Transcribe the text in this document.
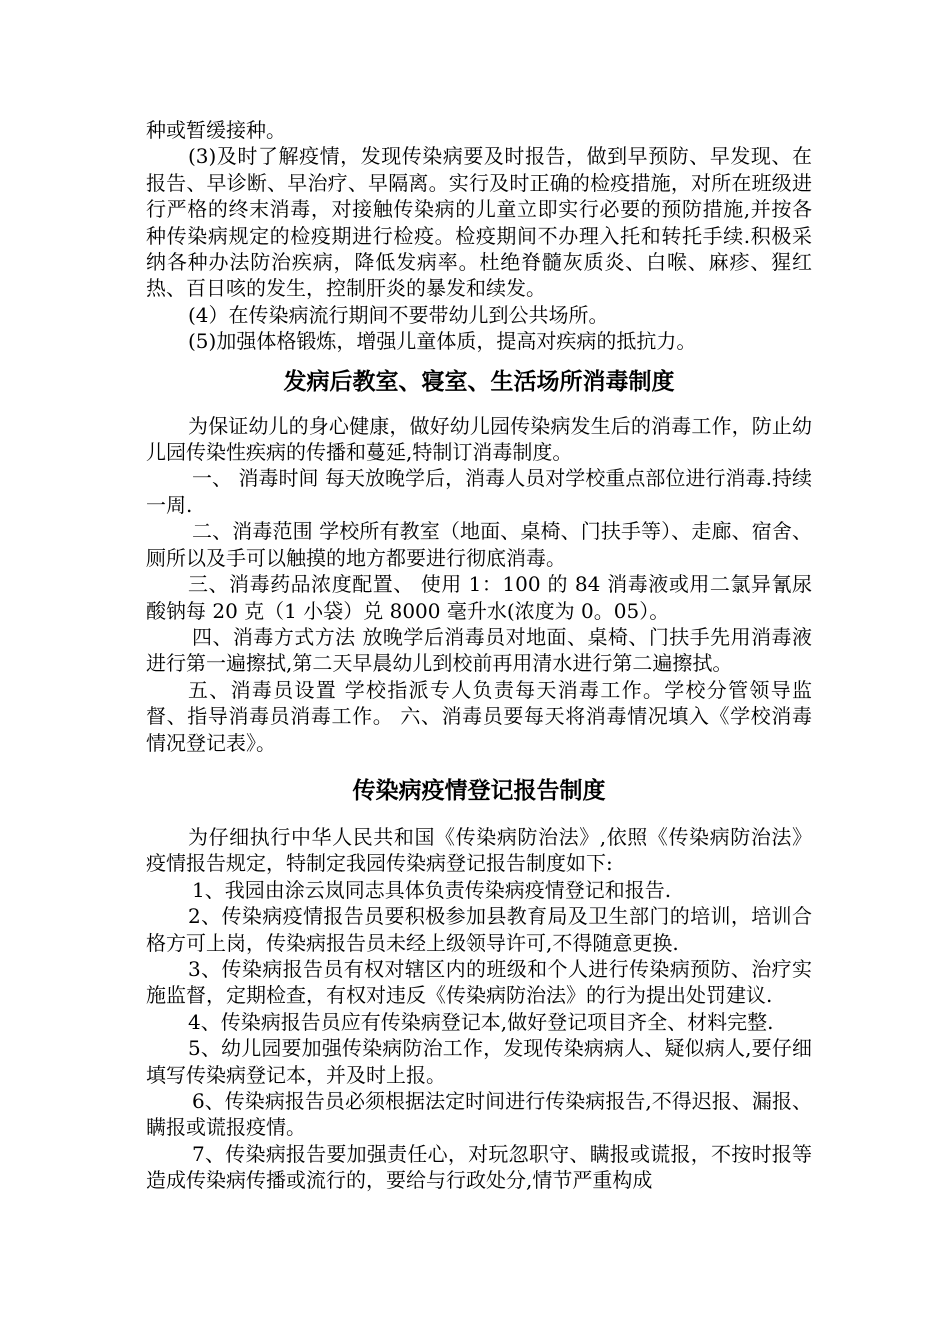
种或暂缓接种。

(3)及时了解疫情，发现传染病要及时报告，做到早预防、早发现、在报告、早诊断、早治疗、早隔离。实行及时正确的检疫措施，对所在班级进行严格的终末消毒，对接触传染病的儿童立即实行必要的预防措施,并按各种传染病规定的检疫期进行检疫。检疫期间不办理入托和转托手续.积极采纳各种办法防治疾病，降低发病率。杜绝脊髓灰质炎、白喉、麻疹、猩红热、百日咳的发生，控制肝炎的暴发和续发。

(4）在传染病流行期间不要带幼儿到公共场所。

(5)加强体格锻炼，增强儿童体质，提高对疾病的抵抗力。

发病后教室、寝室、生活场所消毒制度

为保证幼儿的身心健康，做好幼儿园传染病发生后的消毒工作，防止幼儿园传染性疾病的传播和蔓延,特制订消毒制度。

一、 消毒时间 每天放晚学后，消毒人员对学校重点部位进行消毒.持续一周.

二、消毒范围 学校所有教室（地面、桌椅、门扶手等）、走廊、宿舍、厕所以及手可以触摸的地方都要进行彻底消毒。

三、消毒药品浓度配置、 使用 1：100 的 84 消毒液或用二氯异氰尿酸钠每 20 克（1 小袋）兑 8000 毫升水(浓度为 0。05）。

四、消毒方式方法 放晚学后消毒员对地面、桌椅、门扶手先用消毒液进行第一遍擦拭,第二天早晨幼儿到校前再用清水进行第二遍擦拭。

五、消毒员设置 学校指派专人负责每天消毒工作。学校分管领导监督、指导消毒员消毒工作。 六、消毒员要每天将消毒情况填入《学校消毒情况登记表》。

传染病疫情登记报告制度

为仔细执行中华人民共和国《传染病防治法》,依照《传染病防治法》疫情报告规定，特制定我园传染病登记报告制度如下:

1、我园由涂云岚同志具体负责传染病疫情登记和报告.

2、传染病疫情报告员要积极参加县教育局及卫生部门的培训，培训合格方可上岗，传染病报告员未经上级领导许可,不得随意更换.

3、传染病报告员有权对辖区内的班级和个人进行传染病预防、治疗实施监督，定期检查，有权对违反《传染病防治法》的行为提出处罚建议.

4、传染病报告员应有传染病登记本,做好登记项目齐全、材料完整.

5、幼儿园要加强传染病防治工作，发现传染病病人、疑似病人,要仔细填写传染病登记本，并及时上报。

6、传染病报告员必须根据法定时间进行传染病报告,不得迟报、漏报、瞒报或谎报疫情。

7、传染病报告要加强责任心，对玩忽职守、瞒报或谎报，不按时报等造成传染病传播或流行的，要给与行政处分,情节严重构成
